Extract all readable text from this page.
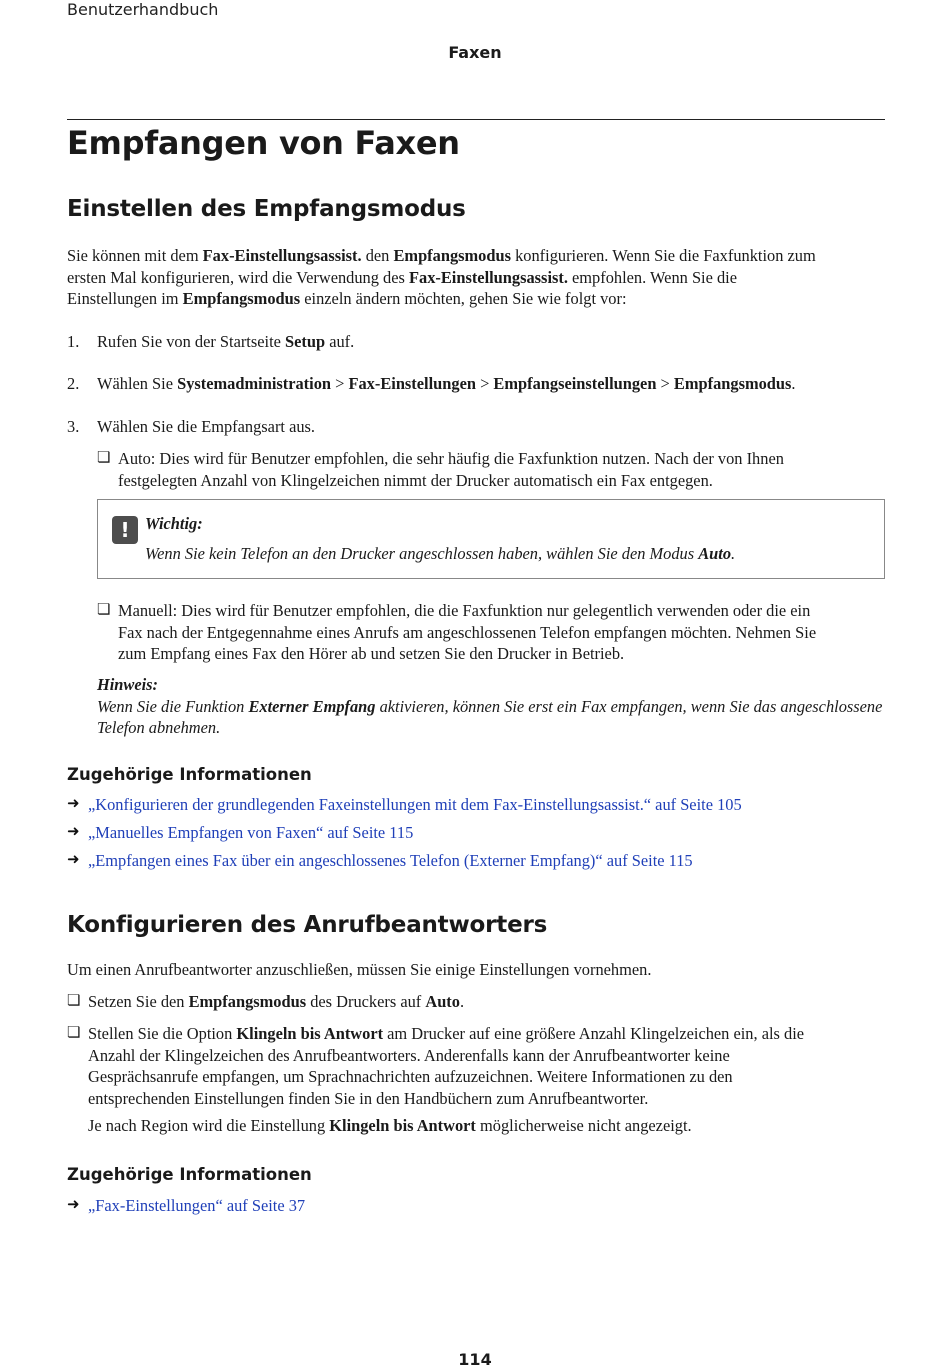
Benutzerhandbuch
Faxen
Empfangen von Faxen
Einstellen des Empfangsmodus
Sie können mit dem Fax-Einstellungsassist. den Empfangsmodus konfigurieren. Wenn Sie die Faxfunktion zum
ersten Mal konfigurieren, wird die Verwendung des Fax-Einstellungsassist. empfohlen. Wenn Sie die
Einstellungen im Empfangsmodus einzeln ändern möchten, gehen Sie wie folgt vor:
1. Rufen Sie von der Startseite Setup auf.
2. Wählen Sie Systemadministration > Fax-Einstellungen > Empfangseinstellungen > Empfangsmodus.
3. Wählen Sie die Empfangsart aus.
❏ Auto: Dies wird für Benutzer empfohlen, die sehr häufig die Faxfunktion nutzen. Nach der von Ihnen
festgelegten Anzahl von Klingelzeichen nimmt der Drucker automatisch ein Fax entgegen.
! Wichtig:
Wenn Sie kein Telefon an den Drucker angeschlossen haben, wählen Sie den Modus Auto.
❏ Manuell: Dies wird für Benutzer empfohlen, die die Faxfunktion nur gelegentlich verwenden oder die ein
Fax nach der Entgegennahme eines Anrufs am angeschlossenen Telefon empfangen möchten. Nehmen Sie
zum Empfang eines Fax den Hörer ab und setzen Sie den Drucker in Betrieb.
Hinweis:
Wenn Sie die Funktion Externer Empfang aktivieren, können Sie erst ein Fax empfangen, wenn Sie das angeschlossene
Telefon abnehmen.
Zugehörige Informationen
➜ „Konfigurieren der grundlegenden Faxeinstellungen mit dem Fax-Einstellungsassist.“ auf Seite 105
➜ „Manuelles Empfangen von Faxen“ auf Seite 115
➜ „Empfangen eines Fax über ein angeschlossenes Telefon (Externer Empfang)“ auf Seite 115
Konfigurieren des Anrufbeantworters
Um einen Anrufbeantworter anzuschließen, müssen Sie einige Einstellungen vornehmen.
❏ Setzen Sie den Empfangsmodus des Druckers auf Auto.
❏ Stellen Sie die Option Klingeln bis Antwort am Drucker auf eine größere Anzahl Klingelzeichen ein, als die
Anzahl der Klingelzeichen des Anrufbeantworters. Anderenfalls kann der Anrufbeantworter keine
Gesprächsanrufe empfangen, um Sprachnachrichten aufzuzeichnen. Weitere Informationen zu den
entsprechenden Einstellungen finden Sie in den Handbüchern zum Anrufbeantworter.
Je nach Region wird die Einstellung Klingeln bis Antwort möglicherweise nicht angezeigt.
Zugehörige Informationen
➜ „Fax-Einstellungen“ auf Seite 37
114
